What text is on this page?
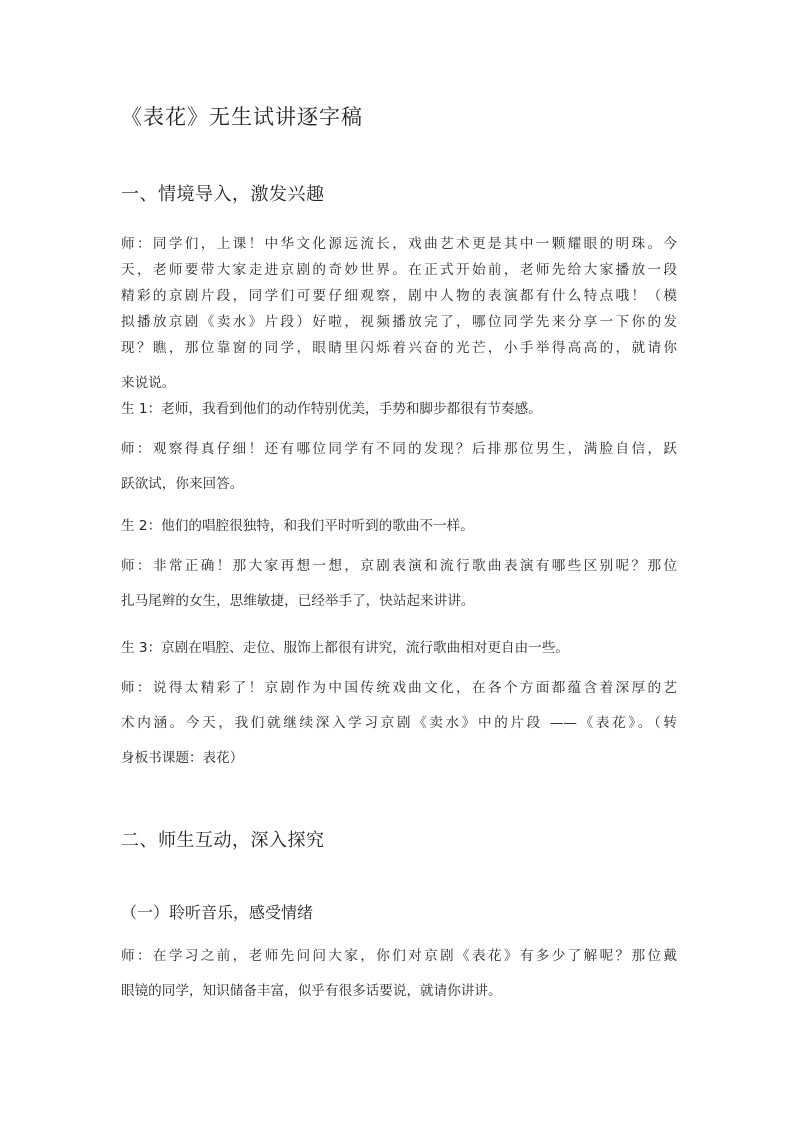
《表花》无生试讲逐字稿
一、情境导入，激发兴趣
师：同学们，上课！中华文化源远流长，戏曲艺术更是其中一颗耀眼的明珠。今
天，老师要带大家走进京剧的奇妙世界。在正式开始前，老师先给大家播放一段
精彩的京剧片段，同学们可要仔细观察，剧中人物的表演都有什么特点哦！（模
拟播放京剧《卖水》片段）好啦，视频播放完了，哪位同学先来分享一下你的发
现？瞧，那位靠窗的同学，眼睛里闪烁着兴奋的光芒，小手举得高高的，就请你
来说说。
生 1：老师，我看到他们的动作特别优美，手势和脚步都很有节奏感。
师：观察得真仔细！还有哪位同学有不同的发现？后排那位男生，满脸自信，跃
跃欲试，你来回答。
生 2：他们的唱腔很独特，和我们平时听到的歌曲不一样。
师：非常正确！那大家再想一想，京剧表演和流行歌曲表演有哪些区别呢？那位
扎马尾辫的女生，思维敏捷，已经举手了，快站起来讲讲。
生 3：京剧在唱腔、走位、服饰上都很有讲究，流行歌曲相对更自由一些。
师：说得太精彩了！京剧作为中国传统戏曲文化，在各个方面都蕴含着深厚的艺
术内涵。今天，我们就继续深入学习京剧《卖水》中的片段 ——《表花》。（转
身板书课题：表花）
二、师生互动，深入探究
（一）聆听音乐，感受情绪
师：在学习之前，老师先问问大家，你们对京剧《表花》有多少了解呢？那位戴
眼镜的同学，知识储备丰富，似乎有很多话要说，就请你讲讲。
